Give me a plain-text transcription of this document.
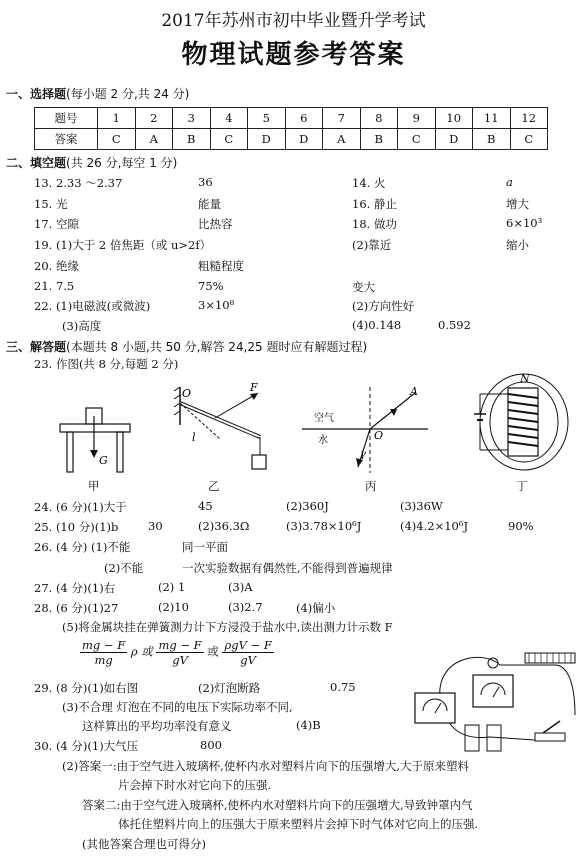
2017年苏州市初中毕业暨升学考试
物理试题参考答案
一、选择题(每小题 2 分,共 24 分)
题号	1	2	3	4	5	6	7	8	9	10	11	12
答案	C	A	B	C	D	D	A	B	C	D	B	C
二、填空题(共 26 分,每空 1 分)
13. 2.33 ～2.37	36	14. 火	a
15. 光	能量	16. 静止	增大
17. 空隙	比热容	18. 做功	6×10³
19. (1)大于 2 倍焦距（或 u>2f）	(2)靠近	缩小
20. 绝缘	粗糙程度
21. 7.5	75%	变大
22. (1)电磁波(或微波)	3×10⁸	(2)方向性好
(3)高度	(4)0.148	0.592
三、解答题(本题共 8 小题,共 50 分,解答 24,25 题时应有解题过程)
23. 作图(共 8 分,每题 2 分)
G
甲
O	F
l
乙
A
O
空气
水
γ
丙
N
丁
24. (6 分)(1)大于	45	(2)360J	(3)36W
25. (10 分)(1)b	30	(2)36.3Ω	(3)3.78×10⁶J	(4)4.2×10⁶J	90%
26. (4 分) (1)不能	同一平面
(2)不能	一次实验数据有偶然性,不能得到普遍规律
27. (4 分)(1)右	(2) 1	(3)A
28. (6 分)(1)27	(2)10	(3)2.7	(4)偏小
(5)将金属块挂在弹簧测力计下方浸没于盐水中,读出测力计示数 F
$\frac{mg - F}{mg}$ ρ 或 $\frac{mg - F}{gV}$ 或 $\frac{\text{ρgV − F}}{gV}$
29. (8 分)(1)如右图	(2)灯泡断路	0.75
(3)不合理 灯泡在不同的电压下实际功率不同,
这样算出的平均功率没有意义	(4)B
30. (4 分)(1)大气压	800
(2)答案一:由于空气进入玻璃杯,使杯内水对塑料片向下的压强增大,大于原来塑料
片会掉下时水对它向下的压强.
答案二:由于空气进入玻璃杯,使杯内水对塑料片向下的压强增大,导致钟罩内气
体托住塑料片向上的压强大于原来塑料片会掉下时气体对它向上的压强.
(其他答案合理也可得分)
